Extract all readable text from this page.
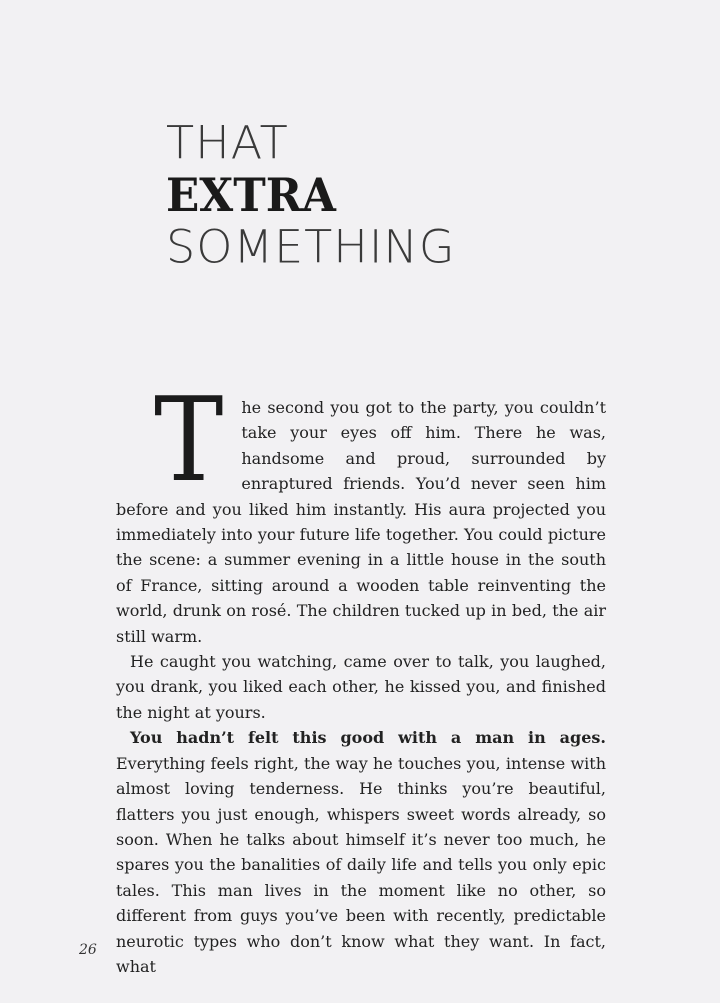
THAT
EXTRA
SOMETHING

T he second you got to the party, you couldn’t take your eyes off him. There he was, handsome and proud, surrounded by enraptured friends. You’d never seen him before and you liked him instantly. His aura projected you immediately into your future life together. You could picture the scene: a summer evening in a little house in the south of France, sitting around a wooden table reinventing the world, drunk on rosé. The children tucked up in bed, the air still warm.

He caught you watching, came over to talk, you laughed, you drank, you liked each other, he kissed you, and finished the night at yours.

You hadn’t felt this good with a man in ages. Everything feels right, the way he touches you, intense with almost loving tenderness. He thinks you’re beautiful, flatters you just enough, whispers sweet words already, so soon. When he talks about himself it’s never too much, he spares you the banalities of daily life and tells you only epic tales. This man lives in the moment like no other, so different from guys you’ve been with recently, predictable neurotic types who don’t know what they want. In fact, what

26
